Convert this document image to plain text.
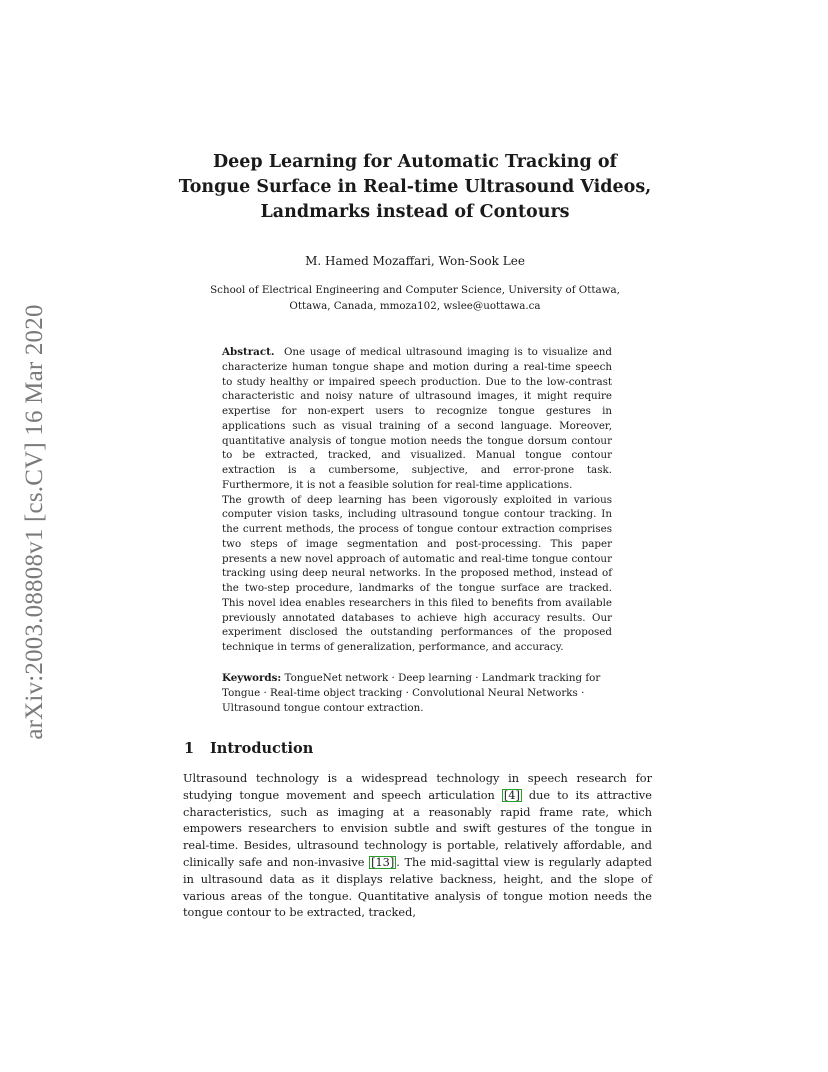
arXiv:2003.08808v1 [cs.CV] 16 Mar 2020
Deep Learning for Automatic Tracking of
Tongue Surface in Real-time Ultrasound Videos,
Landmarks instead of Contours

M. Hamed Mozaffari, Won-Sook Lee

School of Electrical Engineering and Computer Science, University of Ottawa,
Ottawa, Canada, mmoza102, wslee@uottawa.ca

Abstract. One usage of medical ultrasound imaging is to visualize and characterize human tongue shape and motion during a real-time speech to study healthy or impaired speech production. Due to the low-contrast characteristic and noisy nature of ultrasound images, it might require expertise for non-expert users to recognize tongue gestures in applications such as visual training of a second language. Moreover, quantitative analysis of tongue motion needs the tongue dorsum contour to be extracted, tracked, and visualized. Manual tongue contour extraction is a cumbersome, subjective, and error-prone task. Furthermore, it is not a feasible solution for real-time applications.

The growth of deep learning has been vigorously exploited in various computer vision tasks, including ultrasound tongue contour tracking. In the current methods, the process of tongue contour extraction comprises two steps of image segmentation and post-processing. This paper presents a new novel approach of automatic and real-time tongue contour tracking using deep neural networks. In the proposed method, instead of the two-step procedure, landmarks of the tongue surface are tracked. This novel idea enables researchers in this filed to benefits from available previously annotated databases to achieve high accuracy results. Our experiment disclosed the outstanding performances of the proposed technique in terms of generalization, performance, and accuracy.

Keywords: TongueNet network · Deep learning · Landmark tracking for Tongue · Real-time object tracking · Convolutional Neural Networks · Ultrasound tongue contour extraction.

1 Introduction

Ultrasound technology is a widespread technology in speech research for studying tongue movement and speech articulation [4] due to its attractive characteristics, such as imaging at a reasonably rapid frame rate, which empowers researchers to envision subtle and swift gestures of the tongue in real-time. Besides, ultrasound technology is portable, relatively affordable, and clinically safe and non-invasive [13] . The mid-sagittal view is regularly adapted in ultrasound data as it displays relative backness, height, and the slope of various areas of the tongue. Quantitative analysis of tongue motion needs the tongue contour to be extracted, tracked,
